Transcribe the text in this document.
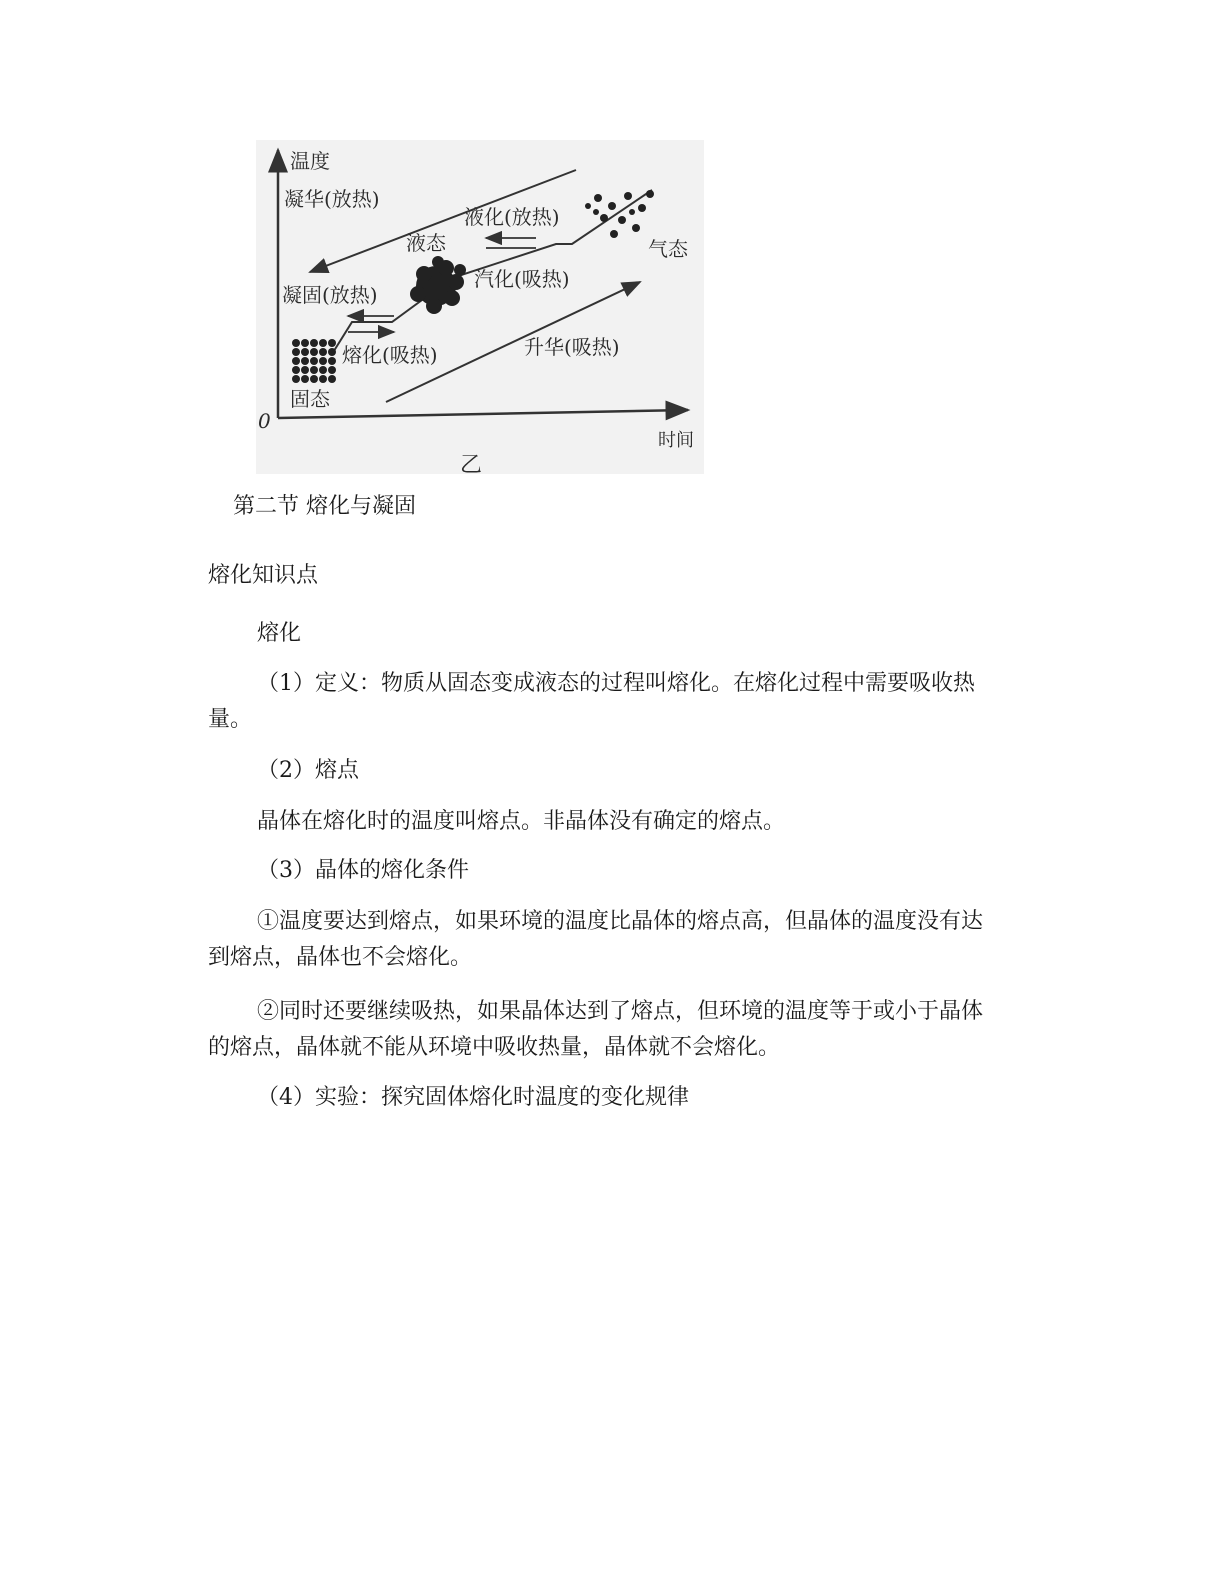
温度
时间
0
乙
凝华(放热)
升华(吸热)
液化(放热)
汽化(吸热)
凝固(放热)
熔化(吸热)
固态
液态	气态
第二节 熔化与凝固
熔化知识点
熔化
（1）定义：物质从固态变成液态的过程叫熔化。在熔化过程中需要吸收热量。
（2）熔点
晶体在熔化时的温度叫熔点。非晶体没有确定的熔点。
（3）晶体的熔化条件
①温度要达到熔点，如果环境的温度比晶体的熔点高，但晶体的温度没有达到熔点，晶体也不会熔化。
②同时还要继续吸热，如果晶体达到了熔点，但环境的温度等于或小于晶体的熔点，晶体就不能从环境中吸收热量，晶体就不会熔化。
（4）实验：探究固体熔化时温度的变化规律
